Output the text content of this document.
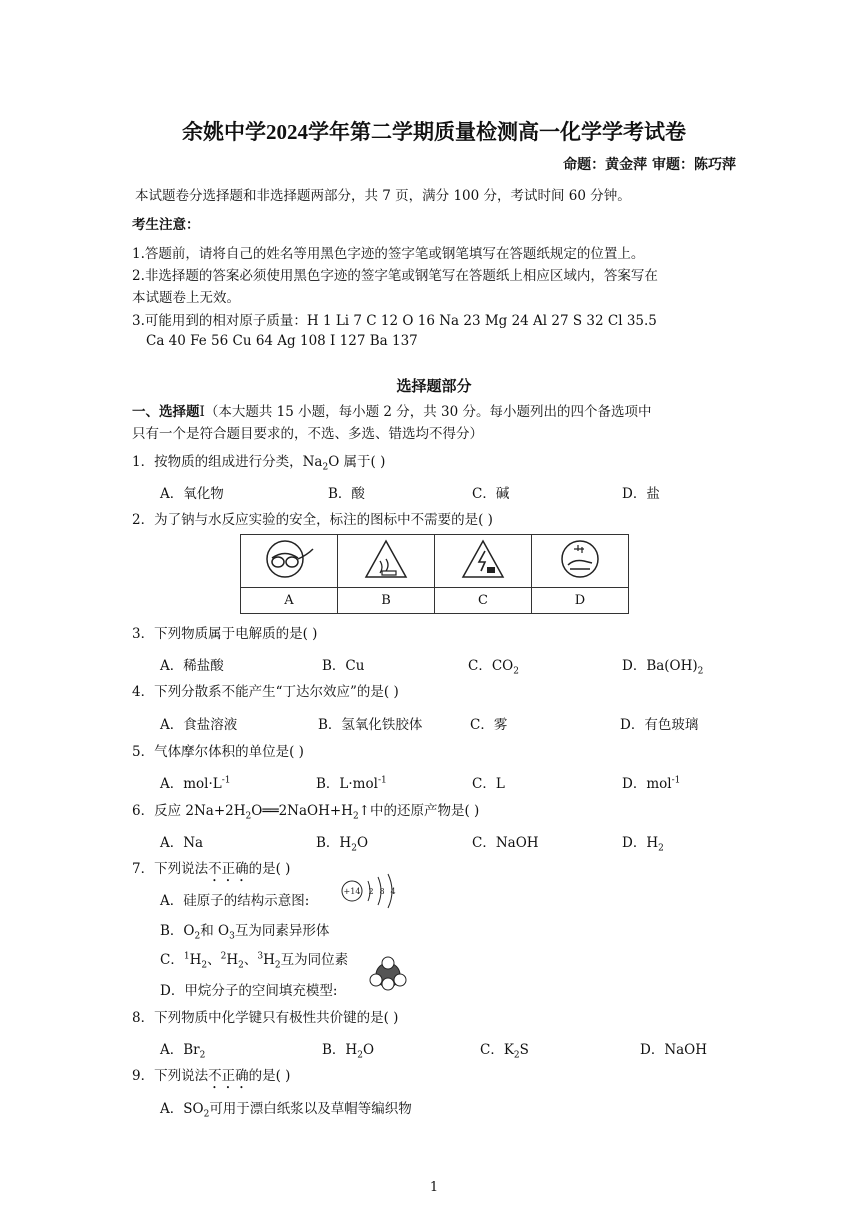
余姚中学2024学年第二学期质量检测高一化学学考试卷
命题：黄金萍 审题：陈巧萍
本试题卷分选择题和非选择题两部分，共 7 页，满分 100 分，考试时间 60 分钟。
考生注意：
1.答题前，请将自己的姓名等用黑色字迹的签字笔或钢笔填写在答题纸规定的位置上。
2.非选择题的答案必须使用黑色字迹的签字笔或钢笔写在答题纸上相应区域内，答案写在
本试题卷上无效。
3.可能用到的相对原子质量：H 1 Li 7 C 12 O 16 Na 23 Mg 24 Al 27 S 32 Cl 35.5
Ca 40 Fe 56 Cu 64 Ag 108 I 127 Ba 137
选择题部分
一、选择题Ⅰ（本大题共 15 小题，每小题 2 分，共 30 分。每小题列出的四个备选项中
只有一个是符合题目要求的，不选、多选、错选均不得分）
1．按物质的组成进行分类，$Na_2O$ 属于( )
A．氧化物	B．酸	C．碱	D．盐
2．为了钠与水反应实验的安全，标注的图标中不需要的是( )

A	B	C	D
3．下列物质属于电解质的是( )
A．稀盐酸	B．Cu	C．$CO_2$	D．$Ba(OH)_2$
4．下列分散系不能产生“丁达尔效应”的是( )
A．食盐溶液	B．氢氧化铁胶体	C．雾	D．有色玻璃
5．气体摩尔体积的单位是( )
A．$mol\cdot L^{-1}$	B．L·mol$^{-1}$	C．L	D．mol$^{-1}$
6．反应 $2Na+2H_2O══2NaOH+H_2↑$中的还原产物是( )
A．Na	B．$H_2O$	C．NaOH	D．$H_2$
7．下列说法不正确的是( )
A．硅原子的结构示意图:
+14 2 8 4
B．$O_2$和 $O_3$互为同素异形体
C．$^1H_2$、$^2H_2$、$^3H_2$互为同位素
D．甲烷分子的空间填充模型:
8．下列物质中化学键只有极性共价键的是( )
A．$Br_2$	B．$H_2O$	C．$K_2S$	D．NaOH
9．下列说法不正确的是( )
A．$SO_2$可用于漂白纸浆以及草帽等编织物
1
